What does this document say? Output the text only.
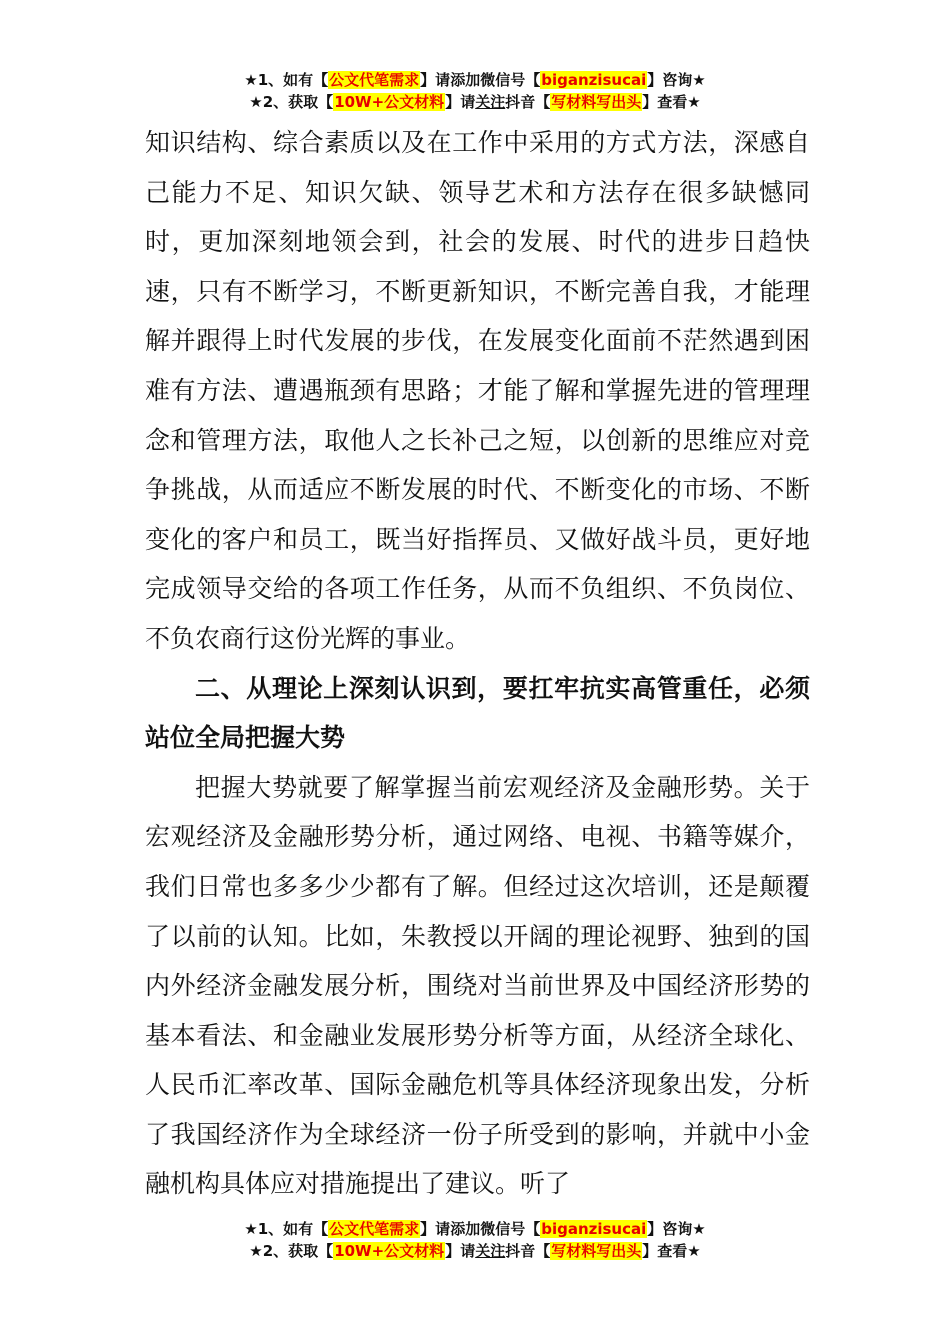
★1、如有【公文代笔需求】请添加微信号【biganzisucai】咨询★
★2、获取【10W+公文材料】请关注抖音【写材料写出头】查看★

知识结构、综合素质以及在工作中采用的方式方法，深感自己能力不足、知识欠缺、领导艺术和方法存在很多缺憾同时，更加深刻地领会到，社会的发展、时代的进步日趋快速，只有不断学习，不断更新知识，不断完善自我，才能理解并跟得上时代发展的步伐，在发展变化面前不茫然遇到困难有方法、遭遇瓶颈有思路；才能了解和掌握先进的管理理念和管理方法，取他人之长补己之短，以创新的思维应对竞争挑战，从而适应不断发展的时代、不断变化的市场、不断变化的客户和员工，既当好指挥员、又做好战斗员，更好地完成领导交给的各项工作任务，从而不负组织、不负岗位、不负农商行这份光辉的事业。

二、从理论上深刻认识到，要扛牢抗实高管重任，必须站位全局把握大势

把握大势就要了解掌握当前宏观经济及金融形势。关于宏观经济及金融形势分析，通过网络、电视、书籍等媒介，我们日常也多多少少都有了解。但经过这次培训，还是颠覆了以前的认知。比如，朱教授以开阔的理论视野、独到的国内外经济金融发展分析，围绕对当前世界及中国经济形势的基本看法、和金融业发展形势分析等方面，从经济全球化、人民币汇率改革、国际金融危机等具体经济现象出发，分析了我国经济作为全球经济一份子所受到的影响，并就中小金融机构具体应对措施提出了建议。听了

★1、如有【公文代笔需求】请添加微信号【biganzisucai】咨询★
★2、获取【10W+公文材料】请关注抖音【写材料写出头】查看★
